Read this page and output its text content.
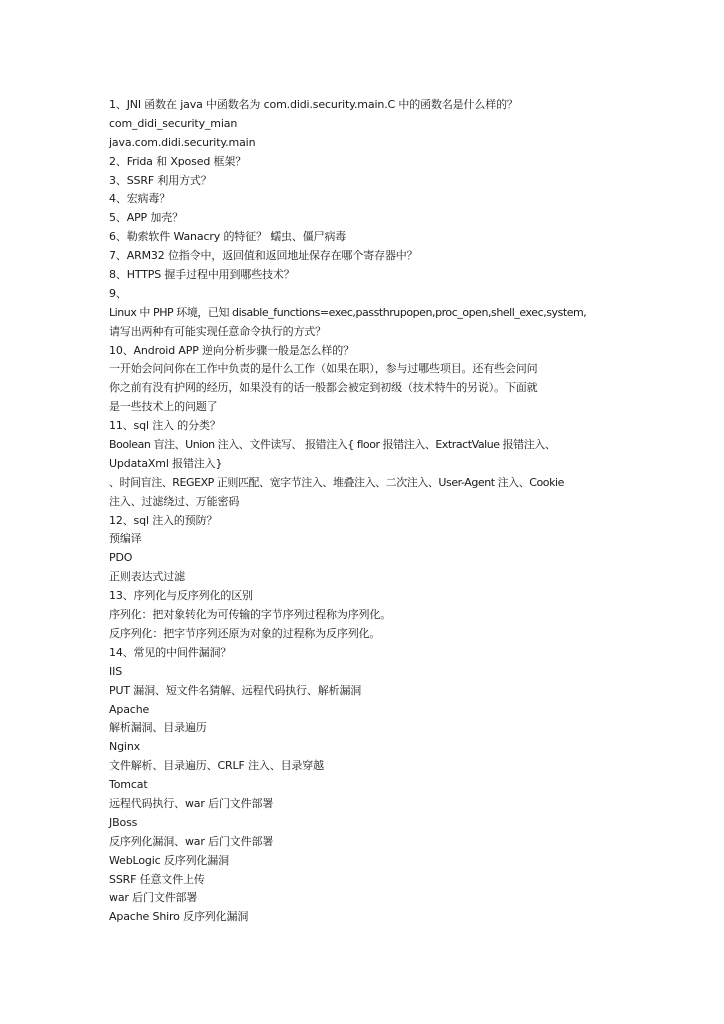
1、JNI 函数在 java 中函数名为 com.didi.security.main.C 中的函数名是什么样的？
com_didi_security_mian
java.com.didi.security.main
2、Frida 和 Xposed 框架？
3、SSRF 利用方式？
4、宏病毒？
5、APP 加壳？
6、勒索软件 Wanacry 的特征？ 蠕虫、僵尸病毒
7、ARM32 位指令中，返回值和返回地址保存在哪个寄存器中？
8、HTTPS 握手过程中用到哪些技术？
9、
Linux 中 PHP 环境，已知 disable_functions=exec,passthrupopen,proc_open,shell_exec,system,
请写出两种有可能实现任意命令执行的方式？
10、Android APP 逆向分析步骤一般是怎么样的？
一开始会问问你在工作中负责的是什么工作（如果在职），参与过哪些项目。还有些会问问
你之前有没有护网的经历，如果没有的话一般都会被定到初级（技术特牛的另说）。下面就
是一些技术上的问题了
11、sql 注入 的分类？
Boolean 盲注、Union 注入、文件读写、 报错注入{ floor 报错注入、ExtractValue 报错注入、
UpdataXml 报错注入}
、时间盲注、REGEXP 正则匹配、宽字节注入、堆叠注入、二次注入、User-Agent 注入、Cookie
注入、过滤绕过、万能密码
12、sql 注入的预防？
预编译
PDO
正则表达式过滤
13、序列化与反序列化的区别
序列化：把对象转化为可传输的字节序列过程称为序列化。
反序列化：把字节序列还原为对象的过程称为反序列化。
14、常见的中间件漏洞？
IIS
PUT 漏洞、短文件名猜解、远程代码执行、解析漏洞
Apache
解析漏洞、目录遍历
Nginx
文件解析、目录遍历、CRLF 注入、目录穿越
Tomcat
远程代码执行、war 后门文件部署
JBoss
反序列化漏洞、war 后门文件部署
WebLogic 反序列化漏洞
SSRF 任意文件上传
war 后门文件部署
Apache Shiro 反序列化漏洞
